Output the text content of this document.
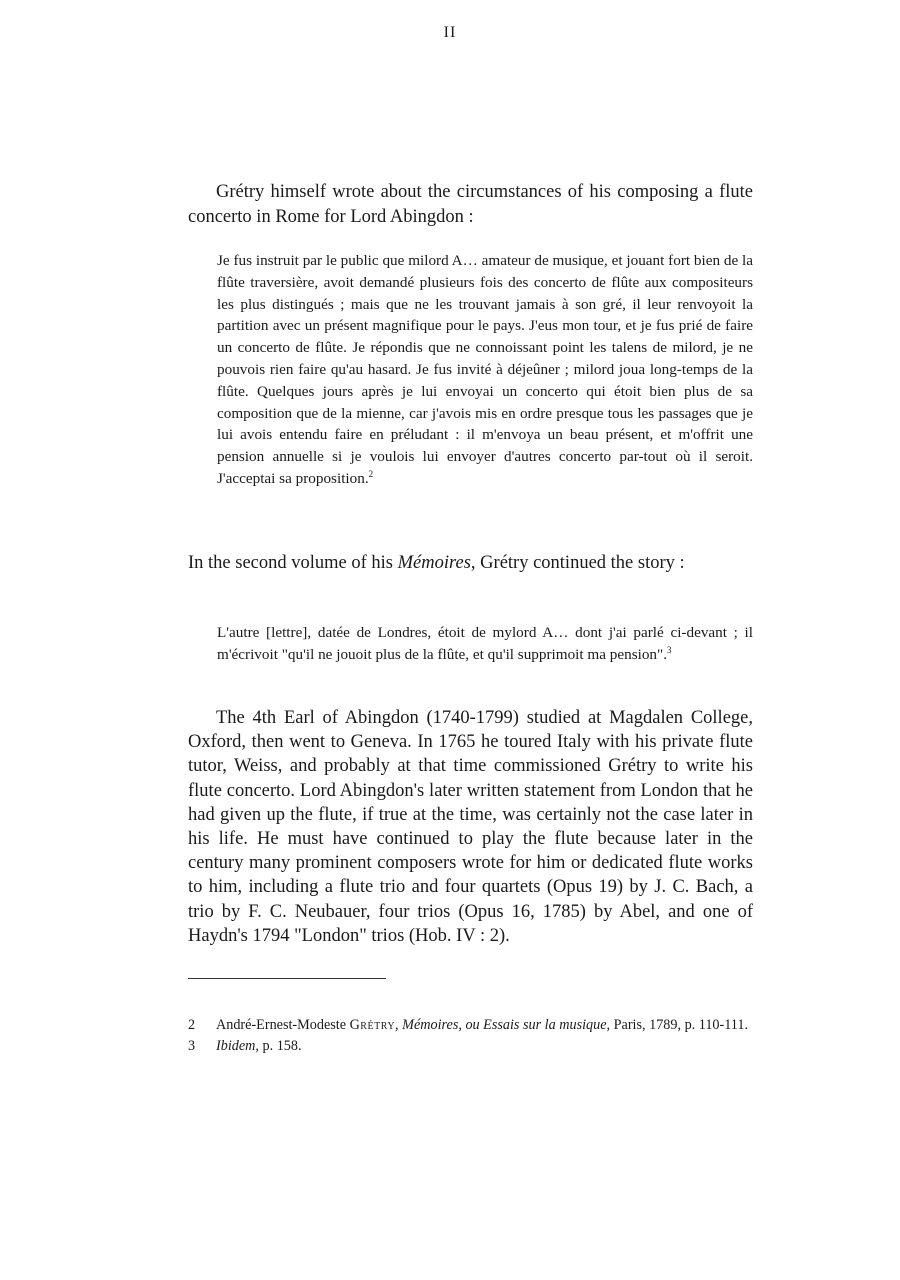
II

Grétry himself wrote about the circumstances of his composing a flute concerto in Rome for Lord Abingdon :

Je fus instruit par le public que milord A… amateur de musique, et jouant fort bien de la flûte traversière, avoit demandé plusieurs fois des concerto de flûte aux compositeurs les plus distingués ; mais que ne les trouvant jamais à son gré, il leur renvoyoit la partition avec un présent magnifique pour le pays. J'eus mon tour, et je fus prié de faire un concerto de flûte. Je répondis que ne connoissant point les talens de milord, je ne pouvois rien faire qu'au hasard. Je fus invité à déjeûner ; milord joua long-temps de la flûte. Quelques jours après je lui envoyai un concerto qui étoit bien plus de sa composition que de la mienne, car j'avois mis en ordre presque tous les passages que je lui avois entendu faire en préludant : il m'envoya un beau présent, et m'offrit une pension annuelle si je voulois lui envoyer d'autres concerto par-tout où il seroit. J'acceptai sa proposition.$^2$

In the second volume of his Mémoires, Grétry continued the story :

L'autre [lettre], datée de Londres, étoit de mylord A… dont j'ai parlé ci-devant ; il m'écrivoit "qu'il ne jouoit plus de la flûte, et qu'il supprimoit ma pension".$^3$

The 4th Earl of Abingdon (1740-1799) studied at Magdalen College, Oxford, then went to Geneva. In 1765 he toured Italy with his private flute tutor, Weiss, and probably at that time commissioned Grétry to write his flute concerto. Lord Abingdon's later written statement from London that he had given up the flute, if true at the time, was certainly not the case later in his life. He must have continued to play the flute because later in the century many prominent composers wrote for him or dedicated flute works to him, including a flute trio and four quartets (Opus 19) by J. C. Bach, a trio by F. C. Neubauer, four trios (Opus 16, 1785) by Abel, and one of Haydn's 1794 "London" trios (Hob. IV : 2).

2	André-Ernest-Modeste Grétry, Mémoires, ou Essais sur la musique, Paris, 1789, p. 110-111.
3	Ibidem, p. 158.
